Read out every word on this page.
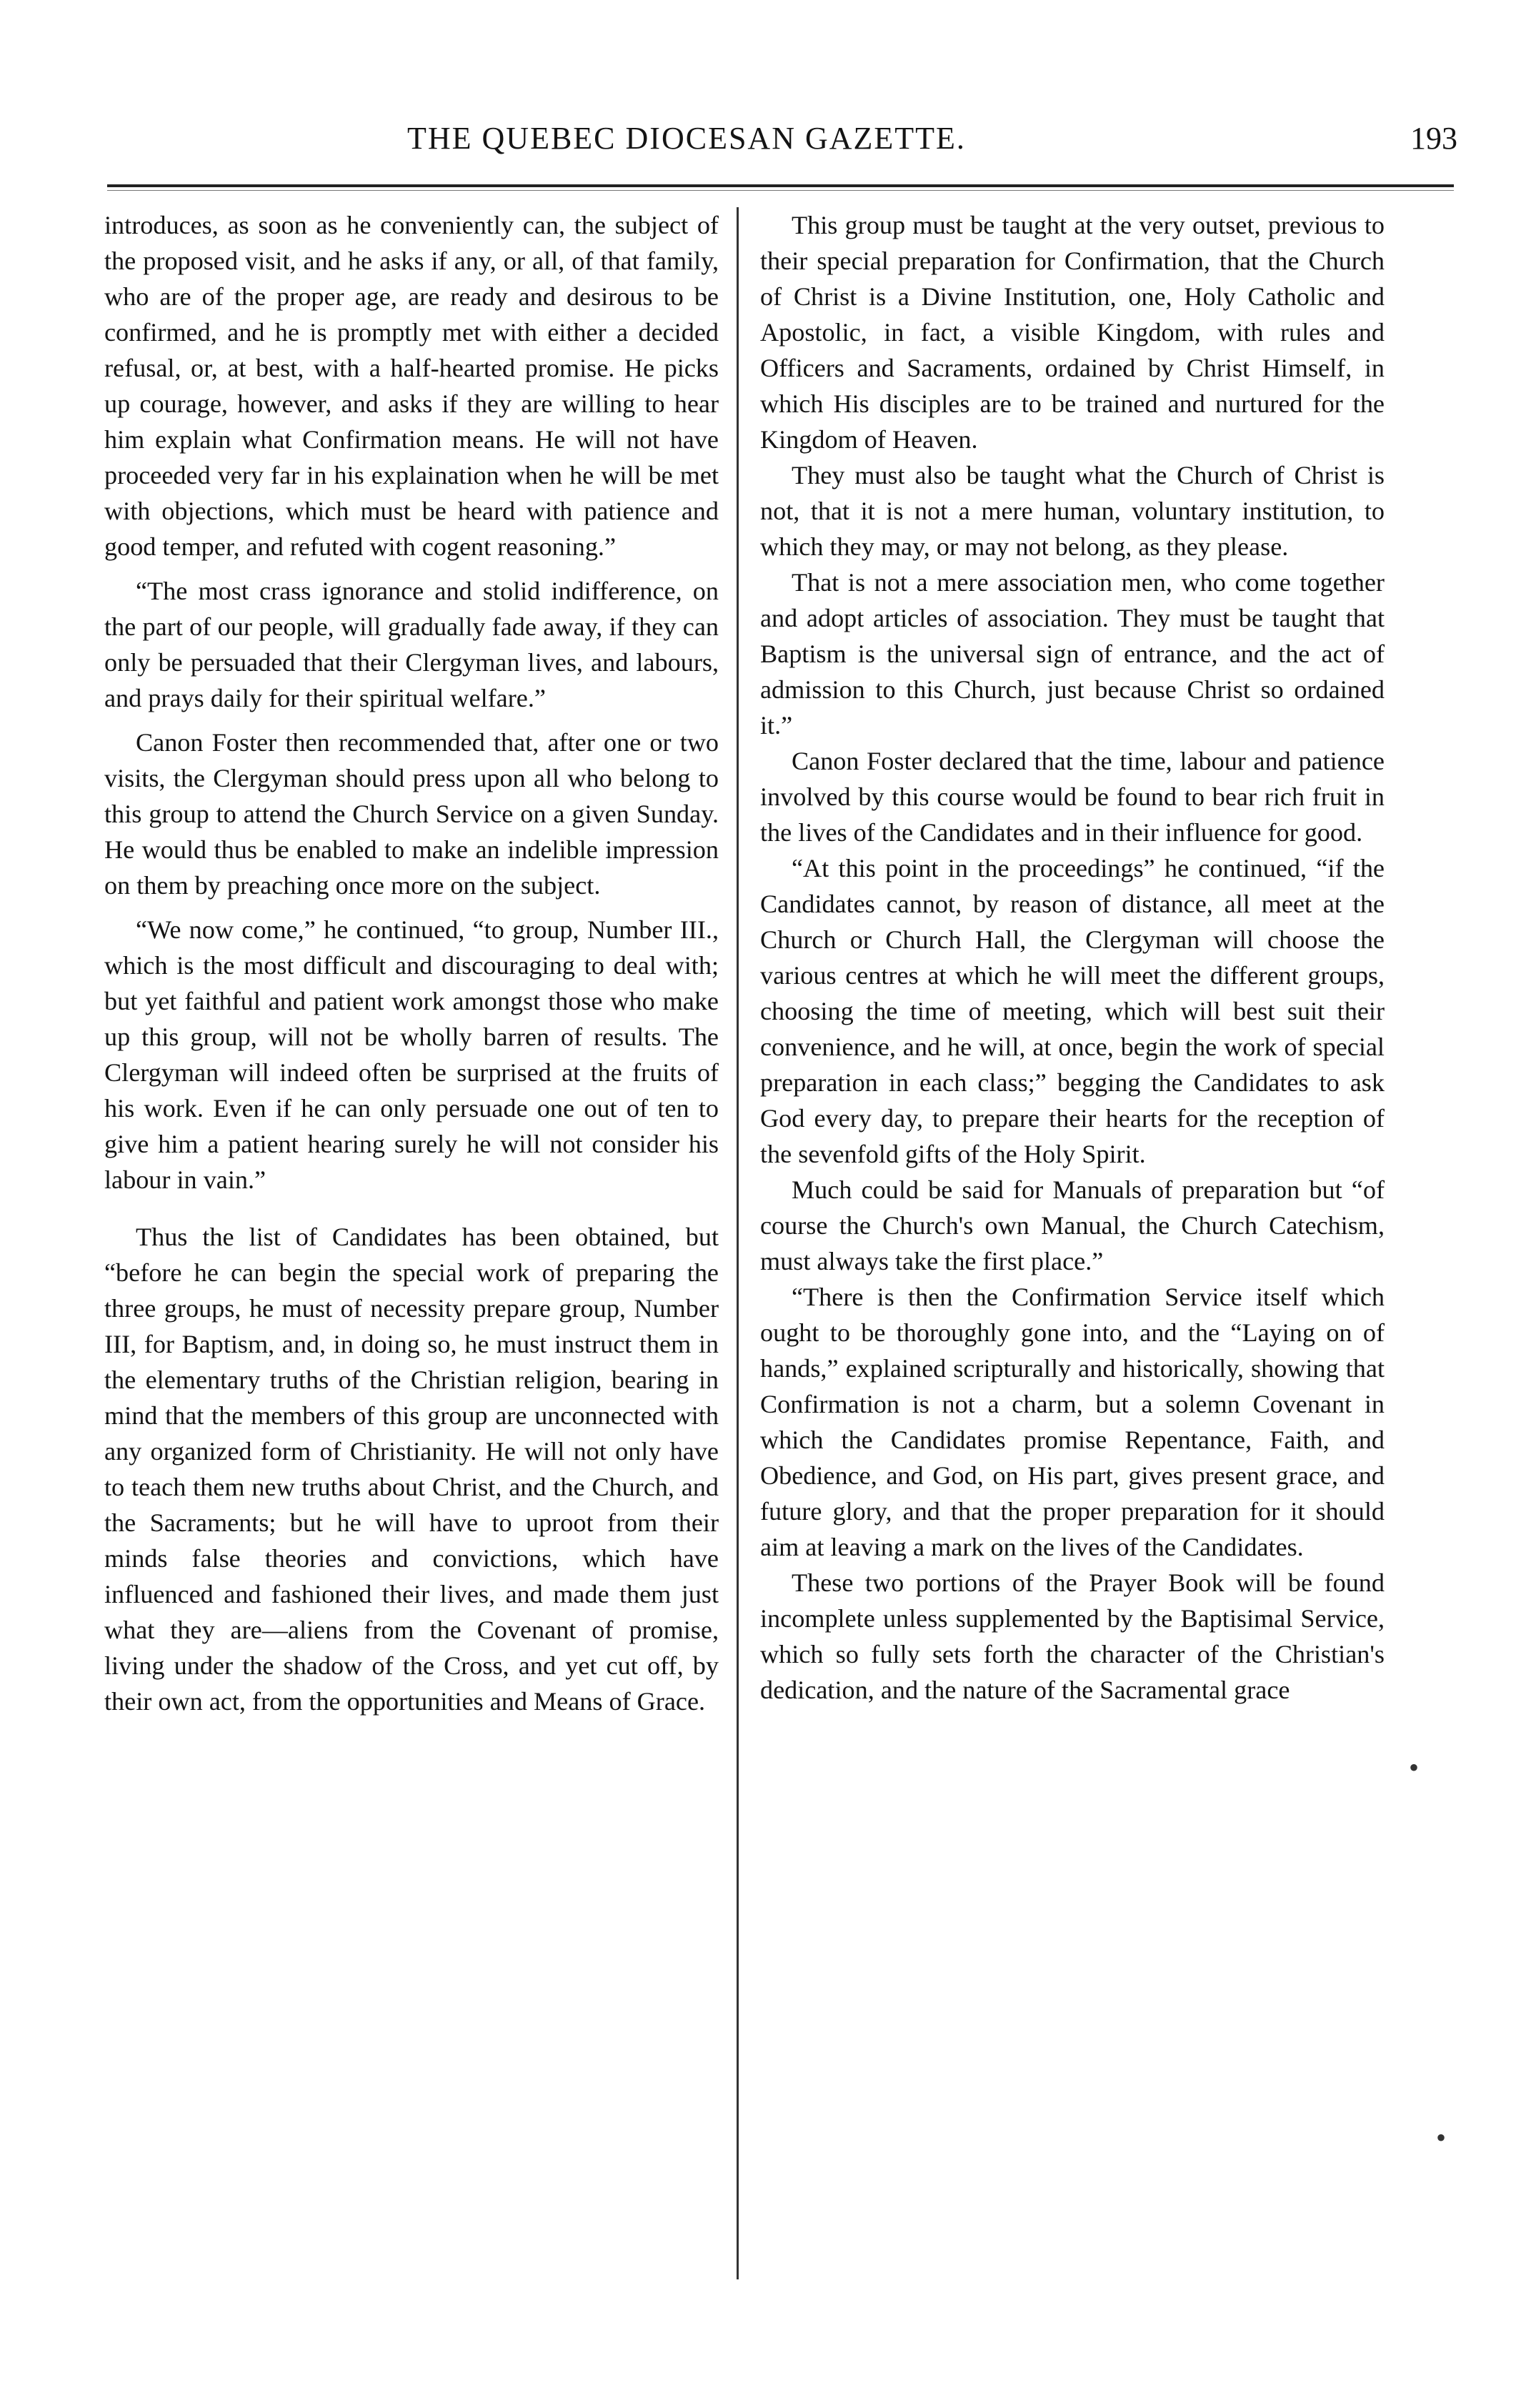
THE QUEBEC DIOCESAN GAZETTE.	193

introduces, as soon as he conveniently can, the subject of the proposed visit, and he asks if any, or all, of that family, who are of the proper age, are ready and desirous to be confirmed, and he is promptly met with either a decided refusal, or, at best, with a half-hearted promise. He picks up courage, however, and asks if they are willing to hear him explain what Confirmation means. He will not have proceeded very far in his explaination when he will be met with objections, which must be heard with patience and good temper, and refuted with cogent reasoning.”

“The most crass ignorance and stolid indifference, on the part of our people, will gradually fade away, if they can only be persuaded that their Clergyman lives, and labours, and prays daily for their spiritual welfare.”

Canon Foster then recommended that, after one or two visits, the Clergyman should press upon all who belong to this group to attend the Church Service on a given Sunday. He would thus be enabled to make an indelible impression on them by preaching once more on the subject.

“We now come,” he continued, “to group, Number III., which is the most difficult and discouraging to deal with; but yet faithful and patient work amongst those who make up this group, will not be wholly barren of results. The Clergyman will indeed often be surprised at the fruits of his work. Even if he can only persuade one out of ten to give him a patient hearing surely he will not consider his labour in vain.”

Thus the list of Candidates has been obtained, but “before he can begin the special work of preparing the three groups, he must of necessity prepare group, Number III, for Baptism, and, in doing so, he must instruct them in the elementary truths of the Christian religion, bearing in mind that the members of this group are unconnected with any organized form of Christianity. He will not only have to teach them new truths about Christ, and the Church, and the Sacraments; but he will have to uproot from their minds false theories and convictions, which have influenced and fashioned their lives, and made them just what they are—aliens from the Covenant of promise, living under the shadow of the Cross, and yet cut off, by their own act, from the opportunities and Means of Grace.

This group must be taught at the very outset, previous to their special preparation for Confirmation, that the Church of Christ is a Divine Institution, one, Holy Catholic and Apostolic, in fact, a visible Kingdom, with rules and Officers and Sacraments, ordained by Christ Himself, in which His disciples are to be trained and nurtured for the Kingdom of Heaven.

They must also be taught what the Church of Christ is not, that it is not a mere human, voluntary institution, to which they may, or may not belong, as they please.

That is not a mere association men, who come together and adopt articles of association. They must be taught that Baptism is the universal sign of entrance, and the act of admission to this Church, just because Christ so ordained it.”

Canon Foster declared that the time, labour and patience involved by this course would be found to bear rich fruit in the lives of the Candidates and in their influence for good.

“At this point in the proceedings” he continued, “if the Candidates cannot, by reason of distance, all meet at the Church or Church Hall, the Clergyman will choose the various centres at which he will meet the different groups, choosing the time of meeting, which will best suit their convenience, and he will, at once, begin the work of special preparation in each class;” begging the Candidates to ask God every day, to prepare their hearts for the reception of the sevenfold gifts of the Holy Spirit.

Much could be said for Manuals of preparation but “of course the Church's own Manual, the Church Catechism, must always take the first place.”

“There is then the Confirmation Service itself which ought to be thoroughly gone into, and the “Laying on of hands,” explained scripturally and historically, showing that Confirmation is not a charm, but a solemn Covenant in which the Candidates promise Repentance, Faith, and Obedience, and God, on His part, gives present grace, and future glory, and that the proper preparation for it should aim at leaving a mark on the lives of the Candidates.

These two portions of the Prayer Book will be found incomplete unless supplemented by the Baptisimal Service, which so fully sets forth the character of the Christian's dedication, and the nature of the Sacramental grace

•
•
